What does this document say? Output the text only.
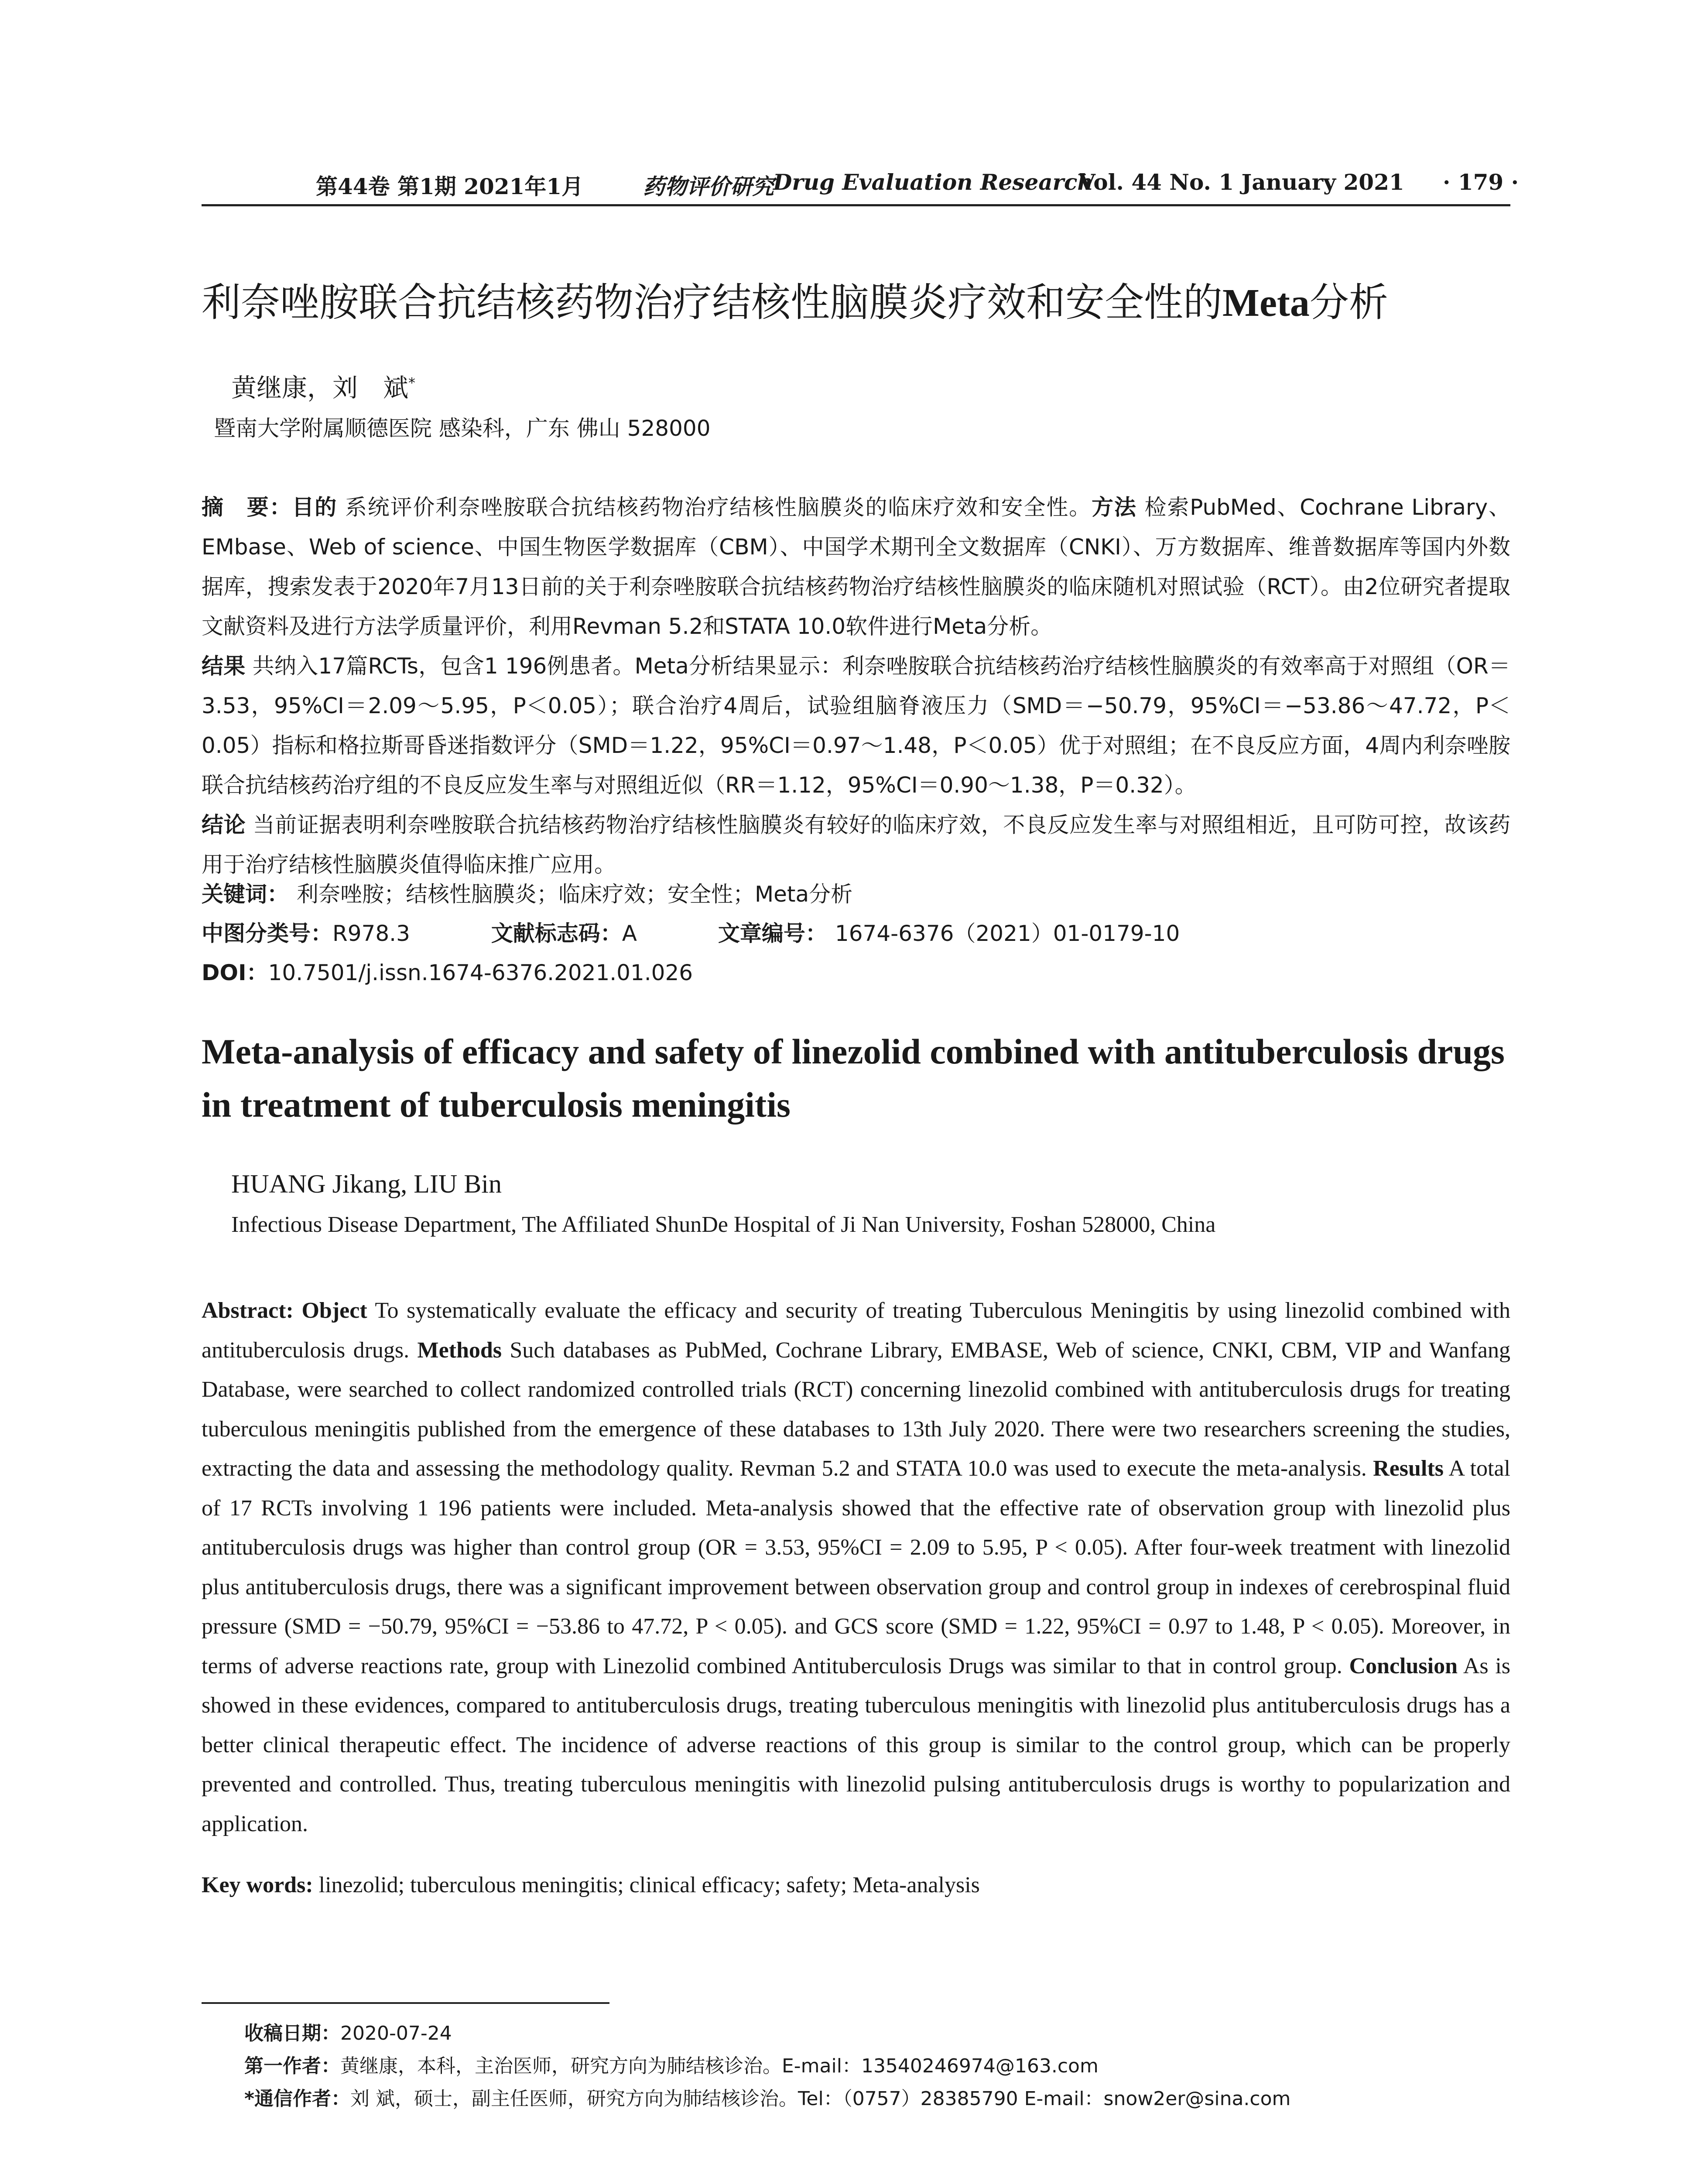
第44卷 第1期 2021年1月	药物评价研究
Drug Evaluation Research
Vol. 44 No. 1 January 2021 · 179 ·
利奈唑胺联合抗结核药物治疗结核性脑膜炎疗效和安全性的Meta分析
黄继康，刘　斌*
暨南大学附属顺德医院 感染科，广东 佛山 528000
摘　要：目的 系统评价利奈唑胺联合抗结核药物治疗结核性脑膜炎的临床疗效和安全性。方法 检索PubMed、Cochrane Library、EMbase、Web of science、中国生物医学数据库（CBM）、中国学术期刊全文数据库（CNKI）、万方数据库、维普数据库等国内外数据库，搜索发表于2020年7月13日前的关于利奈唑胺联合抗结核药物治疗结核性脑膜炎的临床随机对照试验（RCT）。由2位研究者提取文献资料及进行方法学质量评价，利用Revman 5.2和STATA 10.0软件进行Meta分析。
结果 共纳入17篇RCTs，包含1 196例患者。Meta分析结果显示：利奈唑胺联合抗结核药治疗结核性脑膜炎的有效率高于对照组（OR＝3.53，95%CI＝2.09～5.95，P＜0.05）；联合治疗4周后，试验组脑脊液压力（SMD＝−50.79，95%CI＝−53.86～47.72，P＜0.05）指标和格拉斯哥昏迷指数评分（SMD＝1.22，95%CI＝0.97～1.48，P＜0.05）优于对照组；在不良反应方面，4周内利奈唑胺联合抗结核药治疗组的不良反应发生率与对照组近似（RR＝1.12，95%CI＝0.90～1.38，P＝0.32）。
结论 当前证据表明利奈唑胺联合抗结核药物治疗结核性脑膜炎有较好的临床疗效，不良反应发生率与对照组相近，且可防可控，故该药用于治疗结核性脑膜炎值得临床推广应用。
关键词： 利奈唑胺；结核性脑膜炎；临床疗效；安全性；Meta分析
中图分类号：R978.3	文献标志码：A	文章编号： 1674-6376（2021）01-0179-10
DOI：10.7501/j.issn.1674-6376.2021.01.026
Meta-analysis of efficacy and safety of linezolid combined with antituberculosis drugs in treatment of tuberculosis meningitis
HUANG Jikang, LIU Bin
Infectious Disease Department, The Affiliated ShunDe Hospital of Ji Nan University, Foshan 528000, China
Abstract: Object To systematically evaluate the efficacy and security of treating Tuberculous Meningitis by using linezolid combined with antituberculosis drugs. Methods Such databases as PubMed, Cochrane Library, EMBASE, Web of science, CNKI, CBM, VIP and Wanfang Database, were searched to collect randomized controlled trials (RCT) concerning linezolid combined with antituberculosis drugs for treating tuberculous meningitis published from the emergence of these databases to 13th July 2020. There were two researchers screening the studies, extracting the data and assessing the methodology quality. Revman 5.2 and STATA 10.0 was used to execute the meta-analysis. Results A total of 17 RCTs involving 1 196 patients were included. Meta-analysis showed that the effective rate of observation group with linezolid plus antituberculosis drugs was higher than control group (OR = 3.53, 95%CI = 2.09 to 5.95, P < 0.05). After four-week treatment with linezolid plus antituberculosis drugs, there was a significant improvement between observation group and control group in indexes of cerebrospinal fluid pressure (SMD = −50.79, 95%CI = −53.86 to 47.72, P < 0.05). and GCS score (SMD = 1.22, 95%CI = 0.97 to 1.48, P < 0.05). Moreover, in terms of adverse reactions rate, group with Linezolid combined Antituberculosis Drugs was similar to that in control group. Conclusion As is showed in these evidences, compared to antituberculosis drugs, treating tuberculous meningitis with linezolid plus antituberculosis drugs has a better clinical therapeutic effect. The incidence of adverse reactions of this group is similar to the control group, which can be properly prevented and controlled. Thus, treating tuberculous meningitis with linezolid pulsing antituberculosis drugs is worthy to popularization and application.
Key words: linezolid; tuberculous meningitis; clinical efficacy; safety; Meta-analysis
收稿日期：2020-07-24
第一作者：黄继康，本科，主治医师，研究方向为肺结核诊治。E-mail：13540246974@163.com
*通信作者：刘 斌，硕士，副主任医师，研究方向为肺结核诊治。Tel：（0757）28385790 E-mail：snow2er@sina.com
